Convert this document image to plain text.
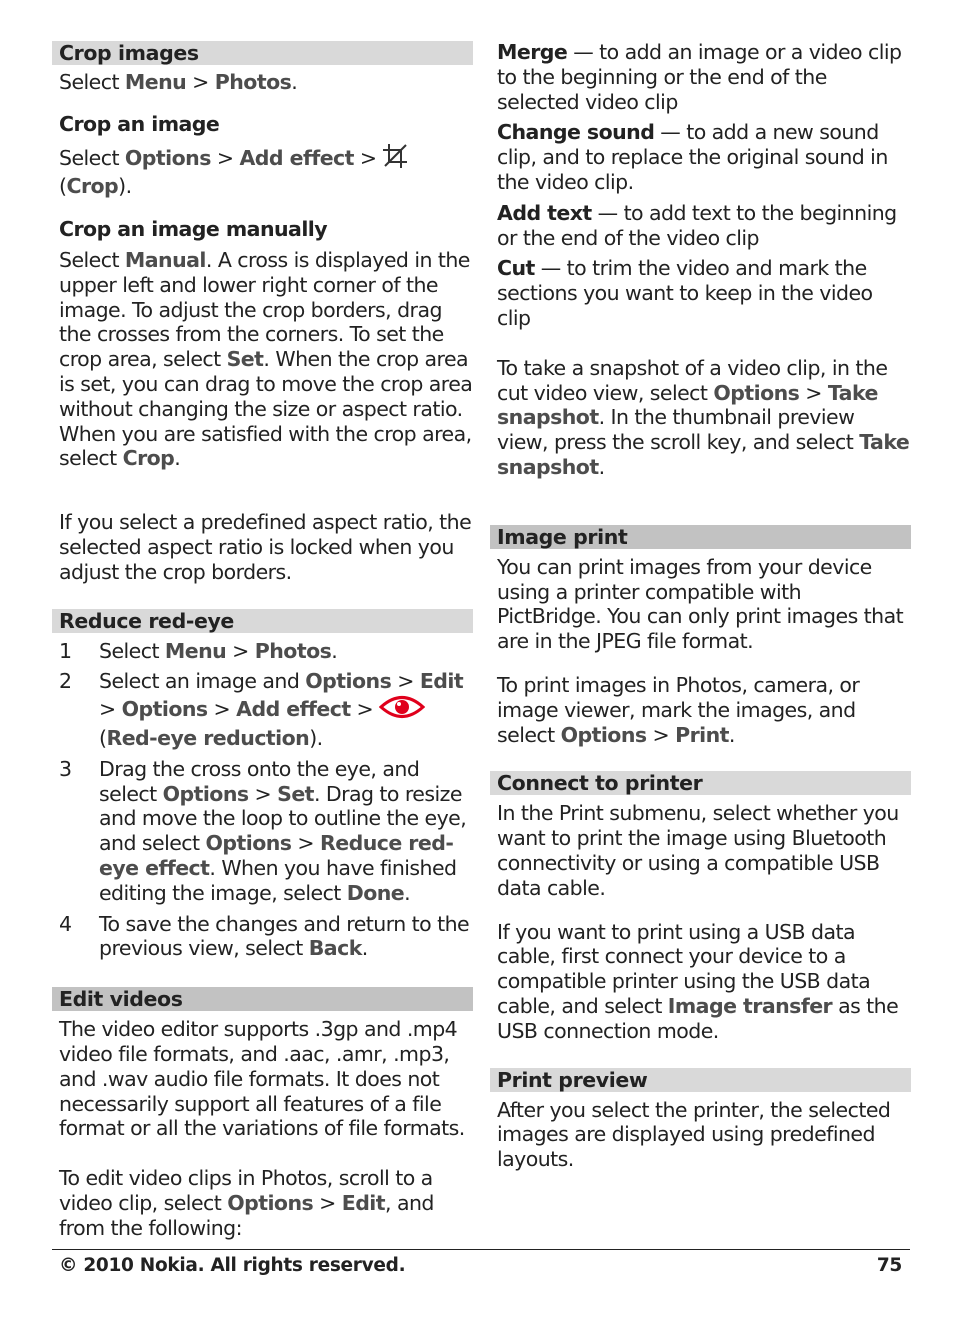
Crop images

Select Menu > Photos.

Crop an image

Select Options > Add effect >  (Crop).

Crop an image manually

Select Manual. A cross is displayed in the upper left and lower right corner of the image. To adjust the crop borders, drag the crosses from the corners. To set the crop area, select Set. When the crop area is set, you can drag to move the crop area without changing the size or aspect ratio. When you are satisfied with the crop area, select Crop.

If you select a predefined aspect ratio, the selected aspect ratio is locked when you adjust the crop borders.

Reduce red-eye
1	Select Menu > Photos.
2	Select an image and Options > Edit > Options > Add effect >
(Red-eye reduction).
3	Drag the cross onto the eye, and select Options > Set. Drag to resize and move the loop to outline the eye, and select Options > Reduce red-eye effect. When you have finished editing the image, select Done.
4	To save the changes and return to the previous view, select Back.
Edit videos

The video editor supports .3gp and .mp4 video file formats, and .aac, .amr, .mp3, and .wav audio file formats. It does not necessarily support all features of a file format or all the variations of file formats.

To edit video clips in Photos, scroll to a video clip, select Options > Edit, and from the following:

Merge — to add an image or a video clip to the beginning or the end of the selected video clip

Change sound — to add a new sound clip, and to replace the original sound in the video clip.

Add text — to add text to the beginning or the end of the video clip

Cut — to trim the video and mark the sections you want to keep in the video clip

To take a snapshot of a video clip, in the cut video view, select Options > Take snapshot. In the thumbnail preview view, press the scroll key, and select Take snapshot.

Image print

You can print images from your device using a printer compatible with PictBridge. You can only print images that are in the JPEG file format.

To print images in Photos, camera, or image viewer, mark the images, and select Options > Print.

Connect to printer

In the Print submenu, select whether you want to print the image using Bluetooth connectivity or using a compatible USB data cable.

If you want to print using a USB data cable, first connect your device to a compatible printer using the USB data cable, and select Image transfer as the USB connection mode.

Print preview

After you select the printer, the selected images are displayed using predefined layouts.

© 2010 Nokia. All rights reserved.	75
